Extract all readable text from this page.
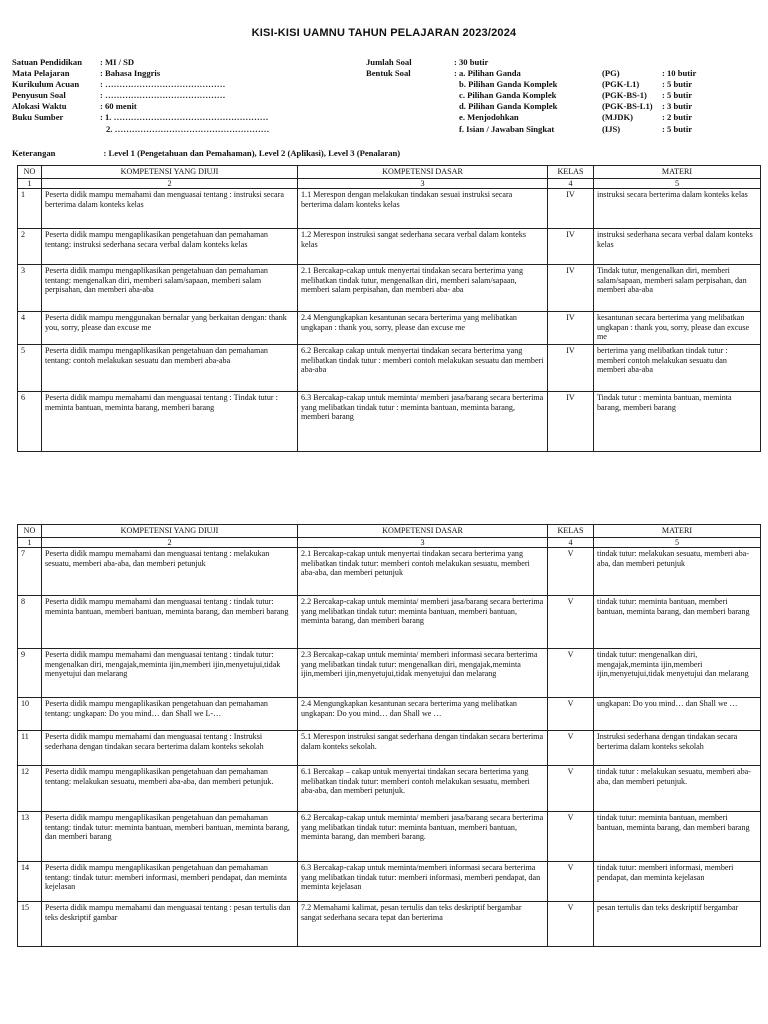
KISI-KISI UAMNU TAHUN PELAJARAN 2023/2024
Satuan Pendidikan : MI / SD
Mata Pelajaran	: Bahasa Inggris
Kurikulum Acuan : ……………………………………
Penyusun Soal	: ……………………………………
Alokasi Waktu	: 60 menit
Buku Sumber	: 1. ………………………………………………
2. ………………………………………………
Jumlah Soal	: 30 butir
Bentuk Soal	: a. Pilihan Ganda	(PG)	: 10 butir
b. Pilihan Ganda Komplek	(PGK-L1)	: 5 butir
c. Pilihan Ganda Komplek	(PGK-BS-1) : 5 butir
d. Pilihan Ganda Komplek	(PGK-BS-L1) : 3 butir
e. Menjodohkan	(MJDK)	: 2 butir
f. Isian / Jawaban Singkat	(IJS)	: 5 butir
Keterangan	: Level 1 (Pengetahuan dan Pemahaman), Level 2 (Aplikasi), Level 3 (Penalaran)
NO	KOMPETENSI YANG DIUJI	KOMPETENSI DASAR	KELAS	MATERI
1	2	3	4	5
1	Peserta didik mampu memahami dan menguasai tentang : instruksi secara berterima dalam konteks kelas	1.1 Merespon dengan melakukan tindakan sesuai instruksi secara berterima dalam konteks kelas	IV	instruksi secara berterima dalam konteks kelas
2	Peserta didik mampu mengaplikasikan pengetahuan dan pemahaman tentang: instruksi sederhana secara verbal dalam konteks kelas	1.2 Merespon instruksi sangat sederhana secara verbal dalam konteks kelas	IV	instruksi sederhana secara verbal dalam konteks kelas
3	Peserta didik mampu mengaplikasikan pengetahuan dan pemahaman tentang: mengenalkan diri, memberi salam/sapaan, memberi salam perpisahan, dan memberi aba-aba	2.1 Bercakap-cakap untuk menyertai tindakan secara berterima yang melibatkan tindak tutur, mengenalkan diri, memberi salam/sapaan, memberi salam perpisahan, dan memberi aba- aba	IV	Tindak tutur, mengenalkan diri, memberi salam/sapaan, memberi salam perpisahan, dan memberi aba-aba
4	Peserta didik mampu menggunakan bernalar yang berkaitan dengan: thank you, sorry, please dan excuse me	2.4 Mengungkapkan kesantunan secara berterima yang melibatkan ungkapan : thank you, sorry, please dan excuse me	IV	kesantunan secara berterima yang melibatkan ungkapan : thank you, sorry, please dan excuse me
5	Peserta didik mampu mengaplikasikan pengetahuan dan pemahaman tentang: contoh melakukan sesuatu dan memberi aba-aba	6.2 Bercakap cakap untuk menyertai tindakan secara berterima yang melibatkan tindak tutur : memberi contoh melakukan sesuatu dan memberi aba-aba	IV	berterima yang melibatkan tindak tutur : memberi contoh melakukan sesuatu dan memberi aba-aba
6	Peserta didik mampu memahami dan menguasai tentang : Tindak tutur : meminta bantuan, meminta barang, memberi barang	6.3 Bercakap-cakap untuk meminta/ memberi jasa/barang secara berterima yang melibatkan tindak tutur : meminta bantuan, meminta barang, memberi barang	IV	Tindak tutur : meminta bantuan, meminta barang, memberi barang
NO	KOMPETENSI YANG DIUJI	KOMPETENSI DASAR	KELAS	MATERI
1	2	3	4	5
7	Peserta didik mampu memahami dan menguasai tentang : melakukan sesuatu, memberi aba-aba, dan memberi petunjuk	2.1 Bercakap-cakap untuk menyertai tindakan secara berterima yang melibatkan tindak tutur: memberi contoh melakukan sesuatu, memberi aba-aba, dan memberi petunjuk	V	tindak tutur: melakukan sesuatu, memberi aba-aba, dan memberi petunjuk
8	Peserta didik mampu memahami dan menguasai tentang : tindak tutur: meminta bantuan, memberi bantuan, meminta barang, dan memberi barang	2.2 Bercakap-cakap untuk meminta/ memberi jasa/barang secara berterima yang melibatkan tindak tutur: meminta bantuan, memberi bantuan, meminta barang, dan memberi barang	V	tindak tutur: meminta bantuan, memberi bantuan, meminta barang, dan memberi barang
9	Peserta didik mampu memahami dan menguasai tentang : tindak tutur: mengenalkan diri, mengajak,meminta ijin,memberi ijin,menyetujui,tidak menyetujui dan melarang	2.3 Bercakap-cakap untuk meminta/ memberi informasi secara berterima yang melibatkan tindak tutur: mengenalkan diri, mengajak,meminta ijin,memberi ijin,menyetujui,tidak menyetujui dan melarang	V	tindak tutur: mengenalkan diri, mengajak,meminta ijin,memberi ijin,menyetujui,tidak menyetujui dan melarang
10	Peserta didik mampu mengaplikasikan pengetahuan dan pemahaman tentang: ungkapan: Do you mind… dan Shall we L-…	2.4 Mengungkapkan kesantunan secara berterima yang melibatkan ungkapan: Do you mind… dan Shall we …	V	ungkapan: Do you mind… dan Shall we …
11	Peserta didik mampu memahami dan menguasai tentang : Instruksi sederhana dengan tindakan secara berterima dalam konteks sekolah	5.1 Merespon instruksi sangat sederhana dengan tindakan secara berterima dalam konteks sekolah.	V	Instruksi sederhana dengan tindakan secara berterima dalam konteks sekolah
12	Peserta didik mampu mengaplikasikan pengetahuan dan pemahaman tentang: melakukan sesuatu, memberi aba-aba, dan memberi petunjuk.	6.1 Bercakap – cakap untuk menyertai tindakan secara berterima yang melibatkan tindak tutur: memberi contoh melakukan sesuatu, memberi aba-aba, dan memberi petunjuk.	V	tindak tutur : melakukan sesuatu, memberi aba-aba, dan memberi petunjuk.
13	Peserta didik mampu mengaplikasikan pengetahuan dan pemahaman tentang: tindak tutur: meminta bantuan, memberi bantuan, meminta barang, dan memberi barang	6.2 Bercakap-cakap untuk meminta/ memberi jasa/barang secara berterima yang melibatkan tindak tutur: meminta bantuan, memberi bantuan, meminta barang, dan memberi barang.	V	tindak tutur: meminta bantuan, memberi bantuan, meminta barang, dan memberi barang
14	Peserta didik mampu mengaplikasikan pengetahuan dan pemahaman tentang: tindak tutur: memberi informasi, memberi pendapat, dan meminta kejelasan	6.3 Bercakap-cakap untuk meminta/memberi informasi secara berterima yang melibatkan tindak tutur: memberi informasi, memberi pendapat, dan meminta kejelasan	V	tindak tutur: memberi informasi, memberi pendapat, dan meminta kejelasan
15	Peserta didik mampu memahami dan menguasai tentang : pesan tertulis dan teks deskriptif gambar	7.2 Memahami kalimat, pesan tertulis dan teks deskriptif bergambar sangat sederhana secara tepat dan berterima	V	pesan tertulis dan teks deskriptif bergambar
